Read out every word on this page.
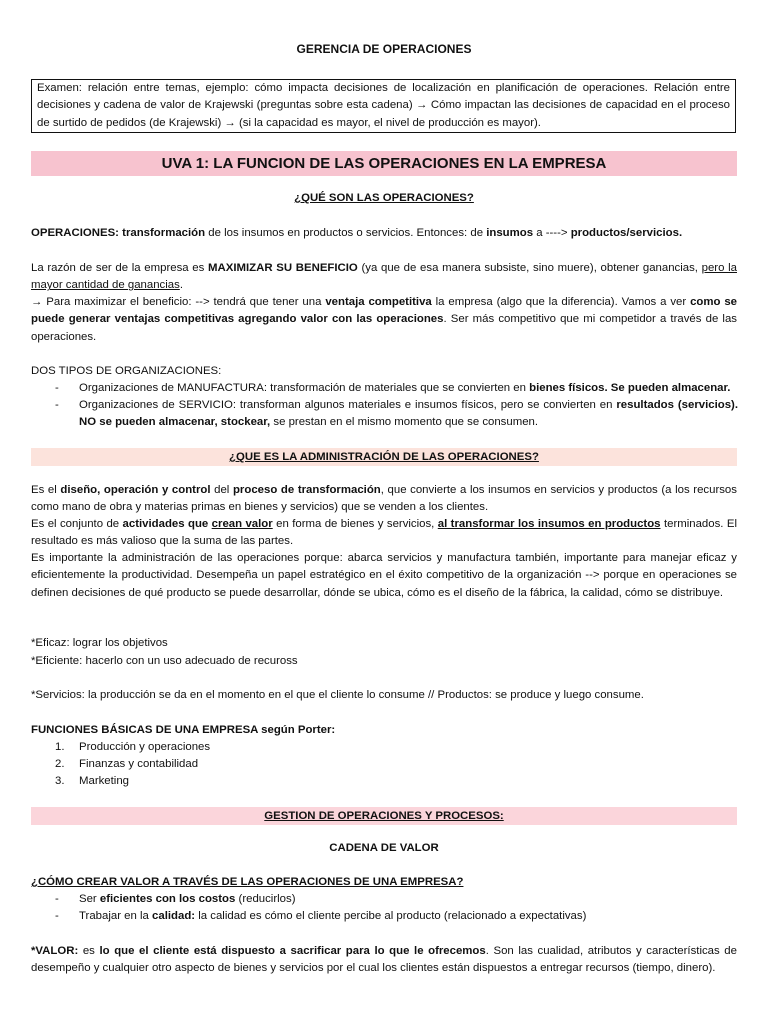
GERENCIA DE OPERACIONES
Examen: relación entre temas, ejemplo: cómo impacta decisiones de localización en planificación de operaciones. Relación entre decisiones y cadena de valor de Krajewski (preguntas sobre esta cadena) → Cómo impactan las decisiones de capacidad en el proceso de surtido de pedidos (de Krajewski) → (si la capacidad es mayor, el nivel de producción es mayor).
UVA 1: LA FUNCION DE LAS OPERACIONES EN LA EMPRESA
¿QUÉ SON LAS OPERACIONES?
OPERACIONES: transformación de los insumos en productos o servicios. Entonces: de insumos a ----> productos/servicios.
La razón de ser de la empresa es MAXIMIZAR SU BENEFICIO (ya que de esa manera subsiste, sino muere), obtener ganancias, pero la mayor cantidad de ganancias.
→ Para maximizar el beneficio: --> tendrá que tener una ventaja competitiva la empresa (algo que la diferencia). Vamos a ver como se puede generar ventajas competitivas agregando valor con las operaciones. Ser más competitivo que mi competidor a través de las operaciones.
DOS TIPOS DE ORGANIZACIONES:
- Organizaciones de MANUFACTURA: transformación de materiales que se convierten en bienes físicos. Se pueden almacenar.
- Organizaciones de SERVICIO: transforman algunos materiales e insumos físicos, pero se convierten en resultados (servicios). NO se pueden almacenar, stockear, se prestan en el mismo momento que se consumen.
¿QUE ES LA ADMINISTRACIÓN DE LAS OPERACIONES?
Es el diseño, operación y control del proceso de transformación, que convierte a los insumos en servicios y productos (a los recursos como mano de obra y materias primas en bienes y servicios) que se venden a los clientes.
Es el conjunto de actividades que crean valor en forma de bienes y servicios, al transformar los insumos en productos terminados. El resultado es más valioso que la suma de las partes.
Es importante la administración de las operaciones porque: abarca servicios y manufactura también, importante para manejar eficaz y eficientemente la productividad. Desempeña un papel estratégico en el éxito competitivo de la organización --> porque en operaciones se definen decisiones de qué producto se puede desarrollar, dónde se ubica, cómo es el diseño de la fábrica, la calidad, cómo se distribuye.
*Eficaz: lograr los objetivos
*Eficiente: hacerlo con un uso adecuado de recuross
*Servicios: la producción se da en el momento en el que el cliente lo consume // Productos: se produce y luego consume.
FUNCIONES BÁSICAS DE UNA EMPRESA según Porter:
1. Producción y operaciones
2. Finanzas y contabilidad
3. Marketing
GESTION DE OPERACIONES Y PROCESOS:
CADENA DE VALOR
¿CÓMO CREAR VALOR A TRAVÉS DE LAS OPERACIONES DE UNA EMPRESA?
- Ser eficientes con los costos (reducirlos)
- Trabajar en la calidad: la calidad es cómo el cliente percibe al producto (relacionado a expectativas)
*VALOR: es lo que el cliente está dispuesto a sacrificar para lo que le ofrecemos. Son las cualidad, atributos y características de desempeño y cualquier otro aspecto de bienes y servicios por el cual los clientes están dispuestos a entregar recursos (tiempo, dinero).
